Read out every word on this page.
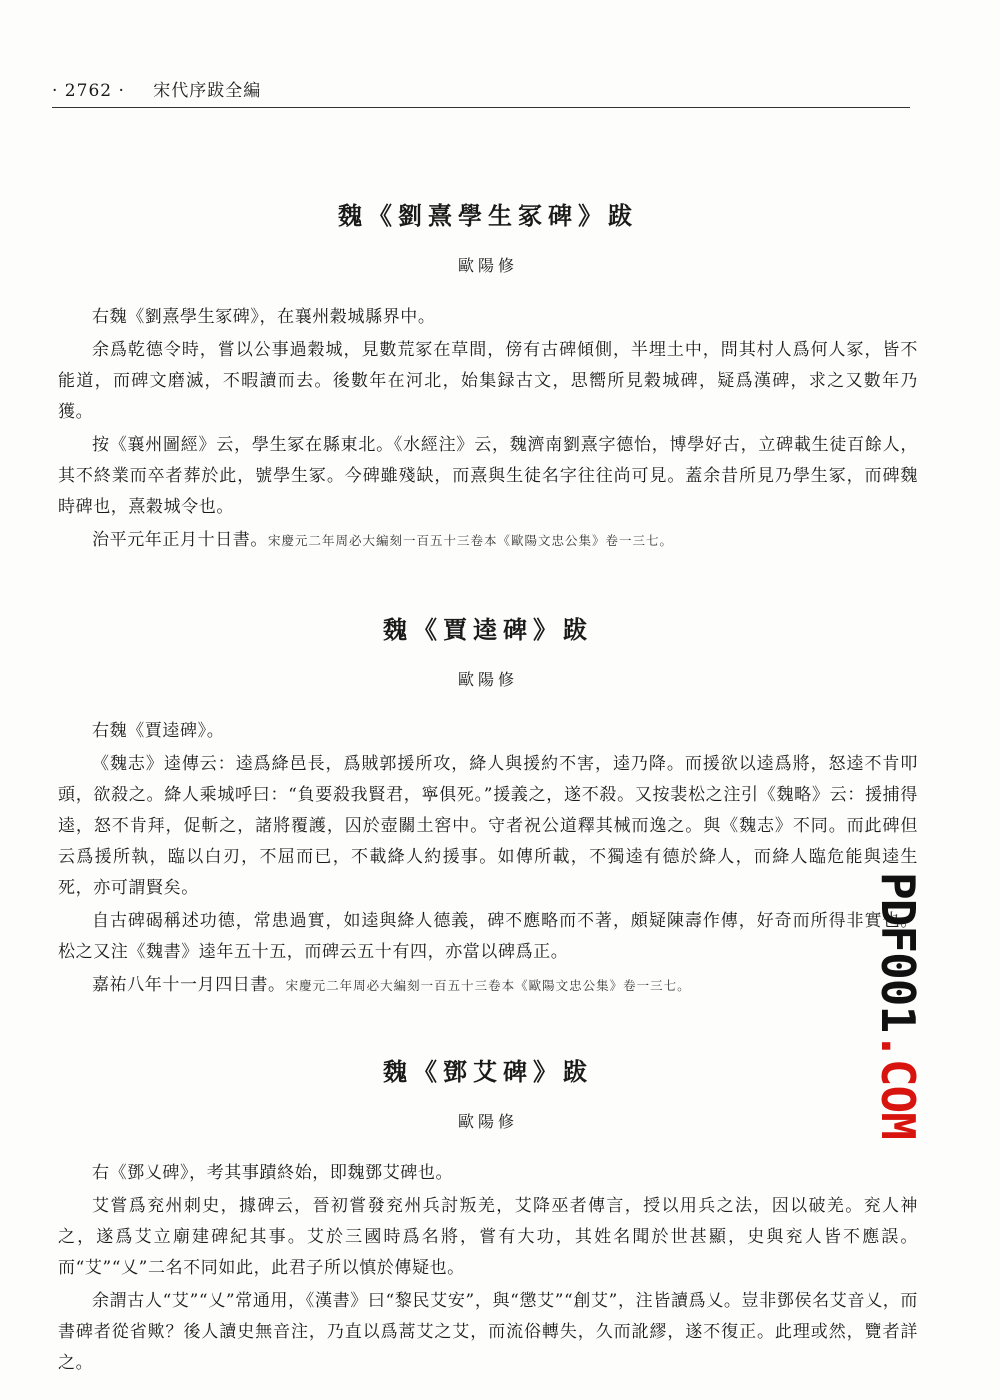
· 2762 · 宋代序跋全編
魏《劉熹學生冢碑》跋
歐陽修

右魏《劉熹學生冢碑》，在襄州穀城縣界中。

余爲乾德令時，嘗以公事過穀城，見數荒冢在草間，傍有古碑傾側，半埋土中，問其村人爲何人冢，皆不能道，而碑文磨滅，不暇讀而去。後數年在河北，始集録古文，思嚮所見穀城碑，疑爲漢碑，求之又數年乃獲。

按《襄州圖經》云，學生冢在縣東北。《水經注》云，魏濟南劉熹字德怡，博學好古，立碑載生徒百餘人，其不終業而卒者葬於此，號學生冢。今碑雖殘缺，而熹與生徒名字往往尚可見。蓋余昔所見乃學生冢，而碑魏時碑也，熹穀城令也。

治平元年正月十日書。宋慶元二年周必大編刻一百五十三卷本《歐陽文忠公集》卷一三七。

魏《賈逵碑》跋
歐陽修

右魏《賈逵碑》。

《魏志》逵傳云：逵爲絳邑長，爲賊郭援所攻，絳人與援約不害，逵乃降。而援欲以逵爲將，怒逵不肯叩頭，欲殺之。絳人乘城呼曰：“負要殺我賢君，寧俱死。”援義之，遂不殺。又按裴松之注引《魏略》云：援捕得逵，怒不肯拜，促斬之，諸將覆護，囚於壺關土窖中。守者祝公道釋其械而逸之。與《魏志》不同。而此碑但云爲援所執，臨以白刃，不屈而已，不載絳人約援事。如傳所載，不獨逵有德於絳人，而絳人臨危能與逵生死，亦可謂賢矣。

自古碑碣稱述功德，常患過實，如逵與絳人德義，碑不應略而不著，頗疑陳壽作傳，好奇而所得非實也。松之又注《魏書》逵年五十五，而碑云五十有四，亦當以碑爲正。

嘉祐八年十一月四日書。宋慶元二年周必大編刻一百五十三卷本《歐陽文忠公集》卷一三七。

魏《鄧艾碑》跋
歐陽修

右《鄧乂碑》，考其事蹟終始，即魏鄧艾碑也。

艾嘗爲兖州刺史，據碑云，晉初嘗發兖州兵討叛羌，艾降巫者傳言，授以用兵之法，因以破羌。兖人神之，遂爲艾立廟建碑紀其事。艾於三國時爲名將，嘗有大功，其姓名聞於世甚顯，史與兖人皆不應誤。而“艾”“乂”二名不同如此，此君子所以慎於傳疑也。

余謂古人“艾”“乂”常通用，《漢書》曰“黎民艾安”，與“懲艾”“創艾”，注皆讀爲乂。豈非鄧侯名艾音乂，而書碑者從省歟？後人讀史無音注，乃直以爲蒿艾之艾，而流俗轉失，久而訛繆，遂不復正。此理或然，覽者詳之。

PDF001.COM
